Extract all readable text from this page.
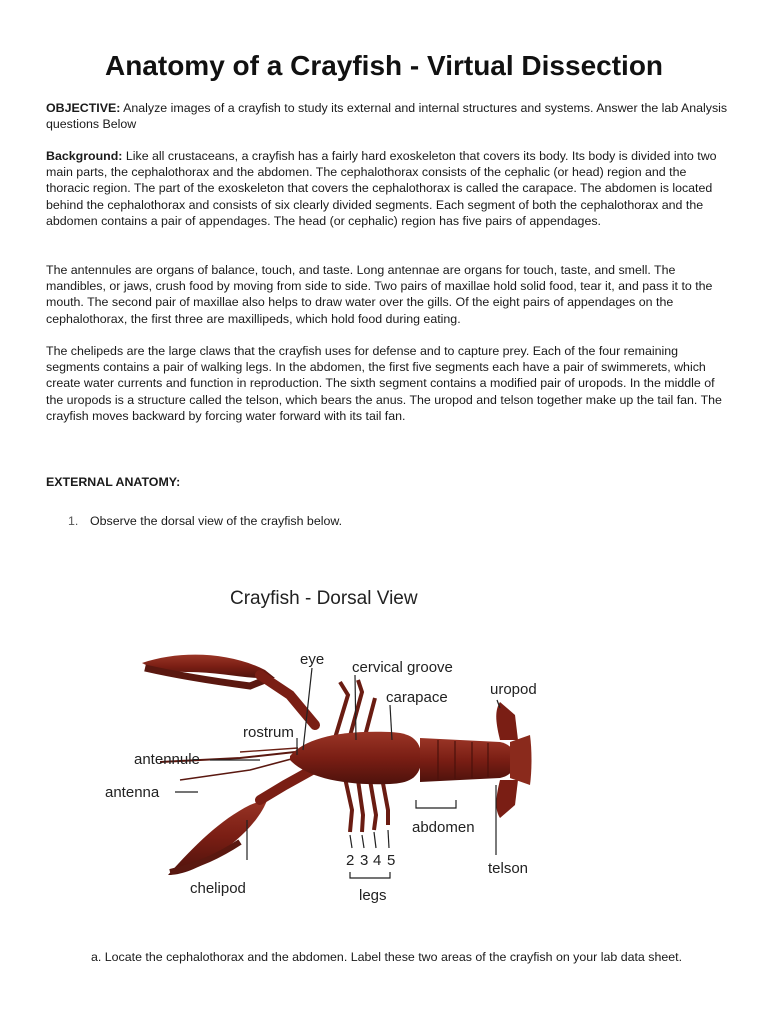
Anatomy of a Crayfish - Virtual Dissection

OBJECTIVE: Analyze images of a crayfish to study its external and internal structures and systems. Answer the lab Analysis questions Below

Background: Like all crustaceans, a crayfish has a fairly hard exoskeleton that covers its body. Its body is divided into two main parts, the cephalothorax and the abdomen. The cephalothorax consists of the cephalic (or head) region and the thoracic region. The part of the exoskeleton that covers the cephalothorax is called the carapace. The abdomen is located behind the cephalothorax and consists of six clearly divided segments. Each segment of both the cephalothorax and the abdomen contains a pair of appendages. The head (or cephalic) region has five pairs of appendages.

The antennules are organs of balance, touch, and taste. Long antennae are organs for touch, taste, and smell. The mandibles, or jaws, crush food by moving from side to side. Two pairs of maxillae hold solid food, tear it, and pass it to the mouth. The second pair of maxillae also helps to draw water over the gills. Of the eight pairs of appendages on the cephalothorax, the first three are maxillipeds, which hold food during eating.

The chelipeds are the large claws that the crayfish uses for defense and to capture prey. Each of the four remaining segments contains a pair of walking legs. In the abdomen, the first five segments each have a pair of swimmerets, which create water currents and function in reproduction. The sixth segment contains a modified pair of uropods. In the middle of the uropods is a structure called the telson, which bears the anus. The uropod and telson together make up the tail fan. The crayfish moves backward by forcing water forward with its tail fan.

EXTERNAL ANATOMY:
1. Observe the dorsal view of the crayfish below.
Crayfish - Dorsal View
eye cervical groove
carapace	uropod
rostrum
antennule
antenna
abdomen
telson
chelipod
2 3 4 5
legs

a. Locate the cephalothorax and the abdomen. Label these two areas of the crayfish on your lab data sheet.
